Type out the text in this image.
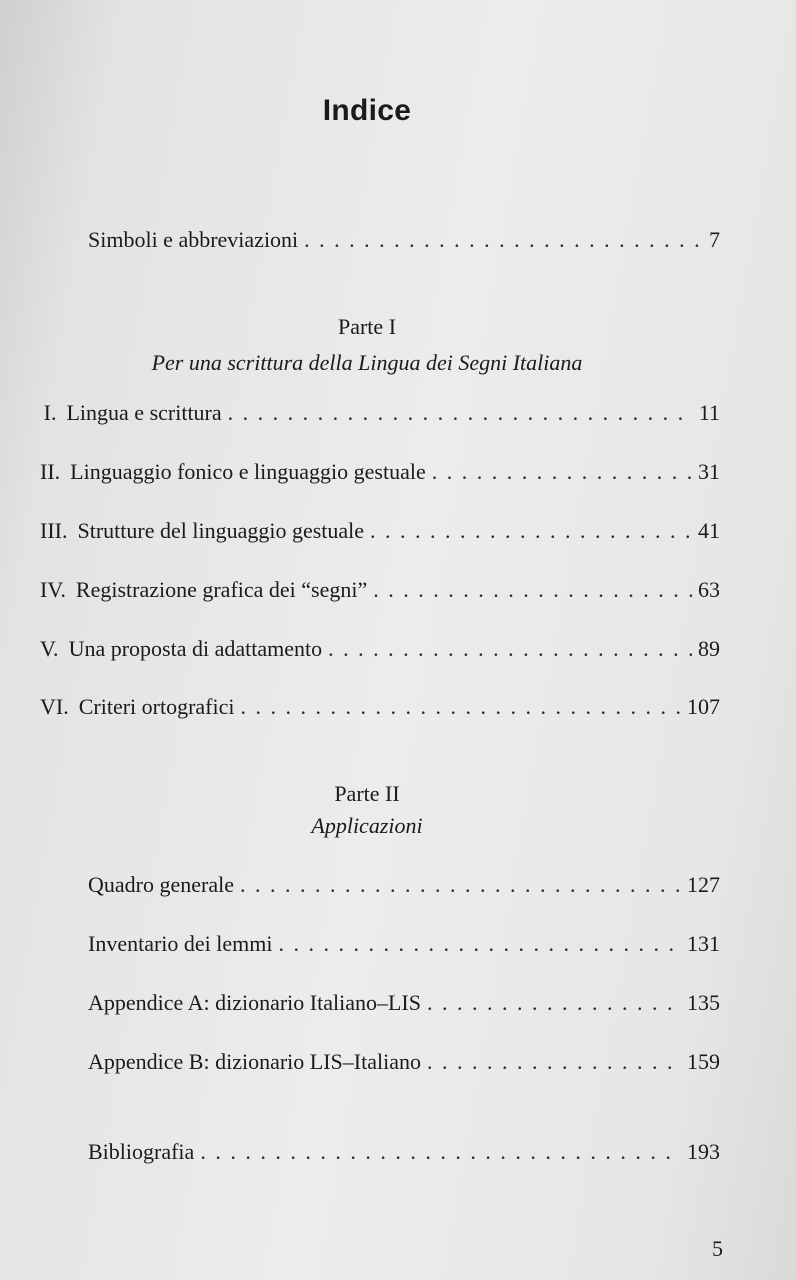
Indice
Simboli e abbreviazioni . . .	7
Parte I
Per una scrittura della Lingua dei Segni Italiana
I. Lingua e scrittura . . .	11
II. Linguaggio fonico e linguaggio gestuale . . .	31
III. Strutture del linguaggio gestuale . . .	41
IV. Registrazione grafica dei “segni” . . .	63
V. Una proposta di adattamento . . .	89
VI. Criteri ortografici . . .	107
Parte II
Applicazioni
Quadro generale . . .	127
Inventario dei lemmi . . .	131
Appendice A: dizionario Italiano–LIS . . .	135
Appendice B: dizionario LIS–Italiano . . .	159
Bibliografia . . .	193
5
